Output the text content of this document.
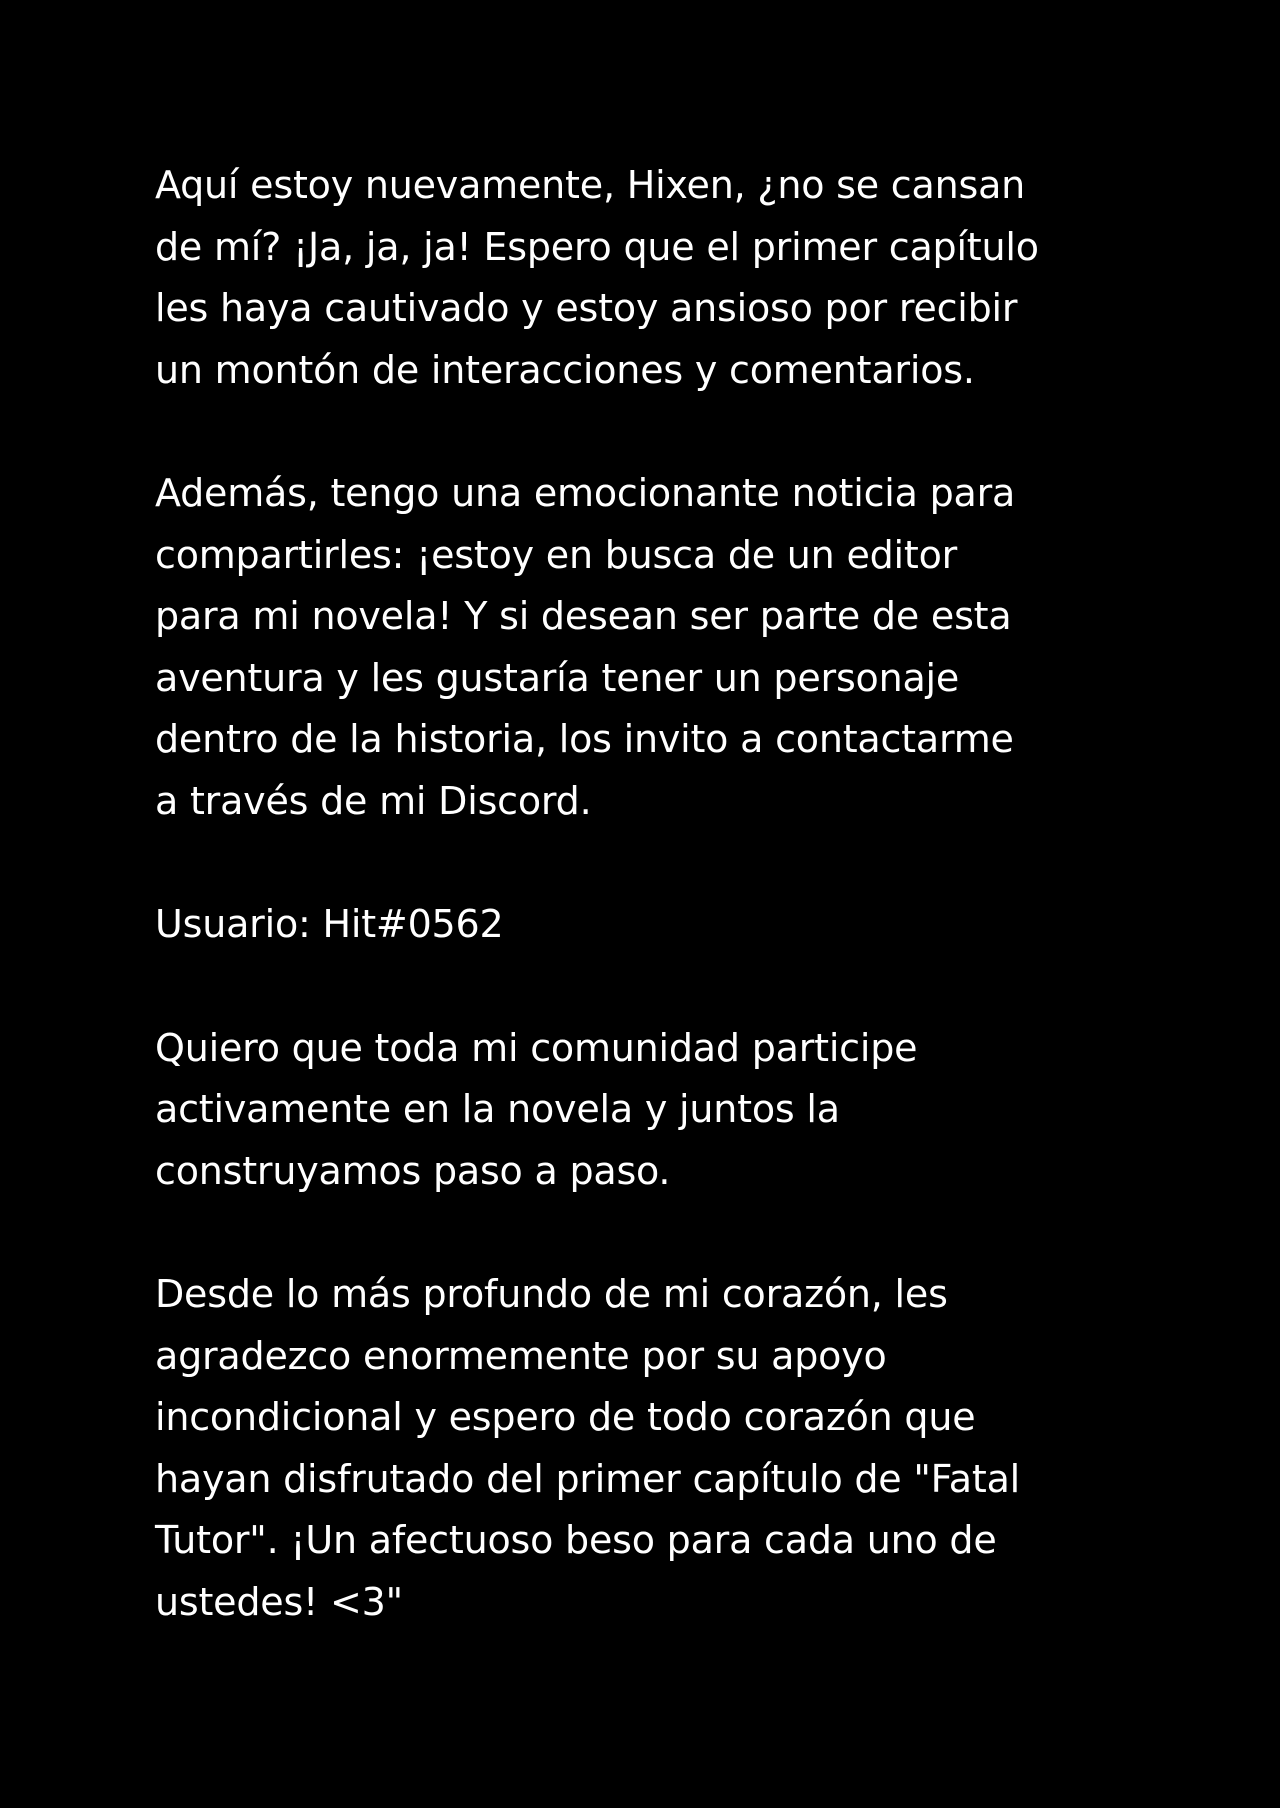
Aquí estoy nuevamente, Hixen, ¿no se cansan
de mí? ¡Ja, ja, ja! Espero que el primer capítulo
les haya cautivado y estoy ansioso por recibir
un montón de interacciones y comentarios.

Además, tengo una emocionante noticia para
compartirles: ¡estoy en busca de un editor
para mi novela! Y si desean ser parte de esta
aventura y les gustaría tener un personaje
dentro de la historia, los invito a contactarme
a través de mi Discord.

Usuario: Hit#0562

Quiero que toda mi comunidad participe
activamente en la novela y juntos la
construyamos paso a paso.

Desde lo más profundo de mi corazón, les
agradezco enormemente por su apoyo
incondicional y espero de todo corazón que
hayan disfrutado del primer capítulo de "Fatal
Tutor". ¡Un afectuoso beso para cada uno de
ustedes! <3"
